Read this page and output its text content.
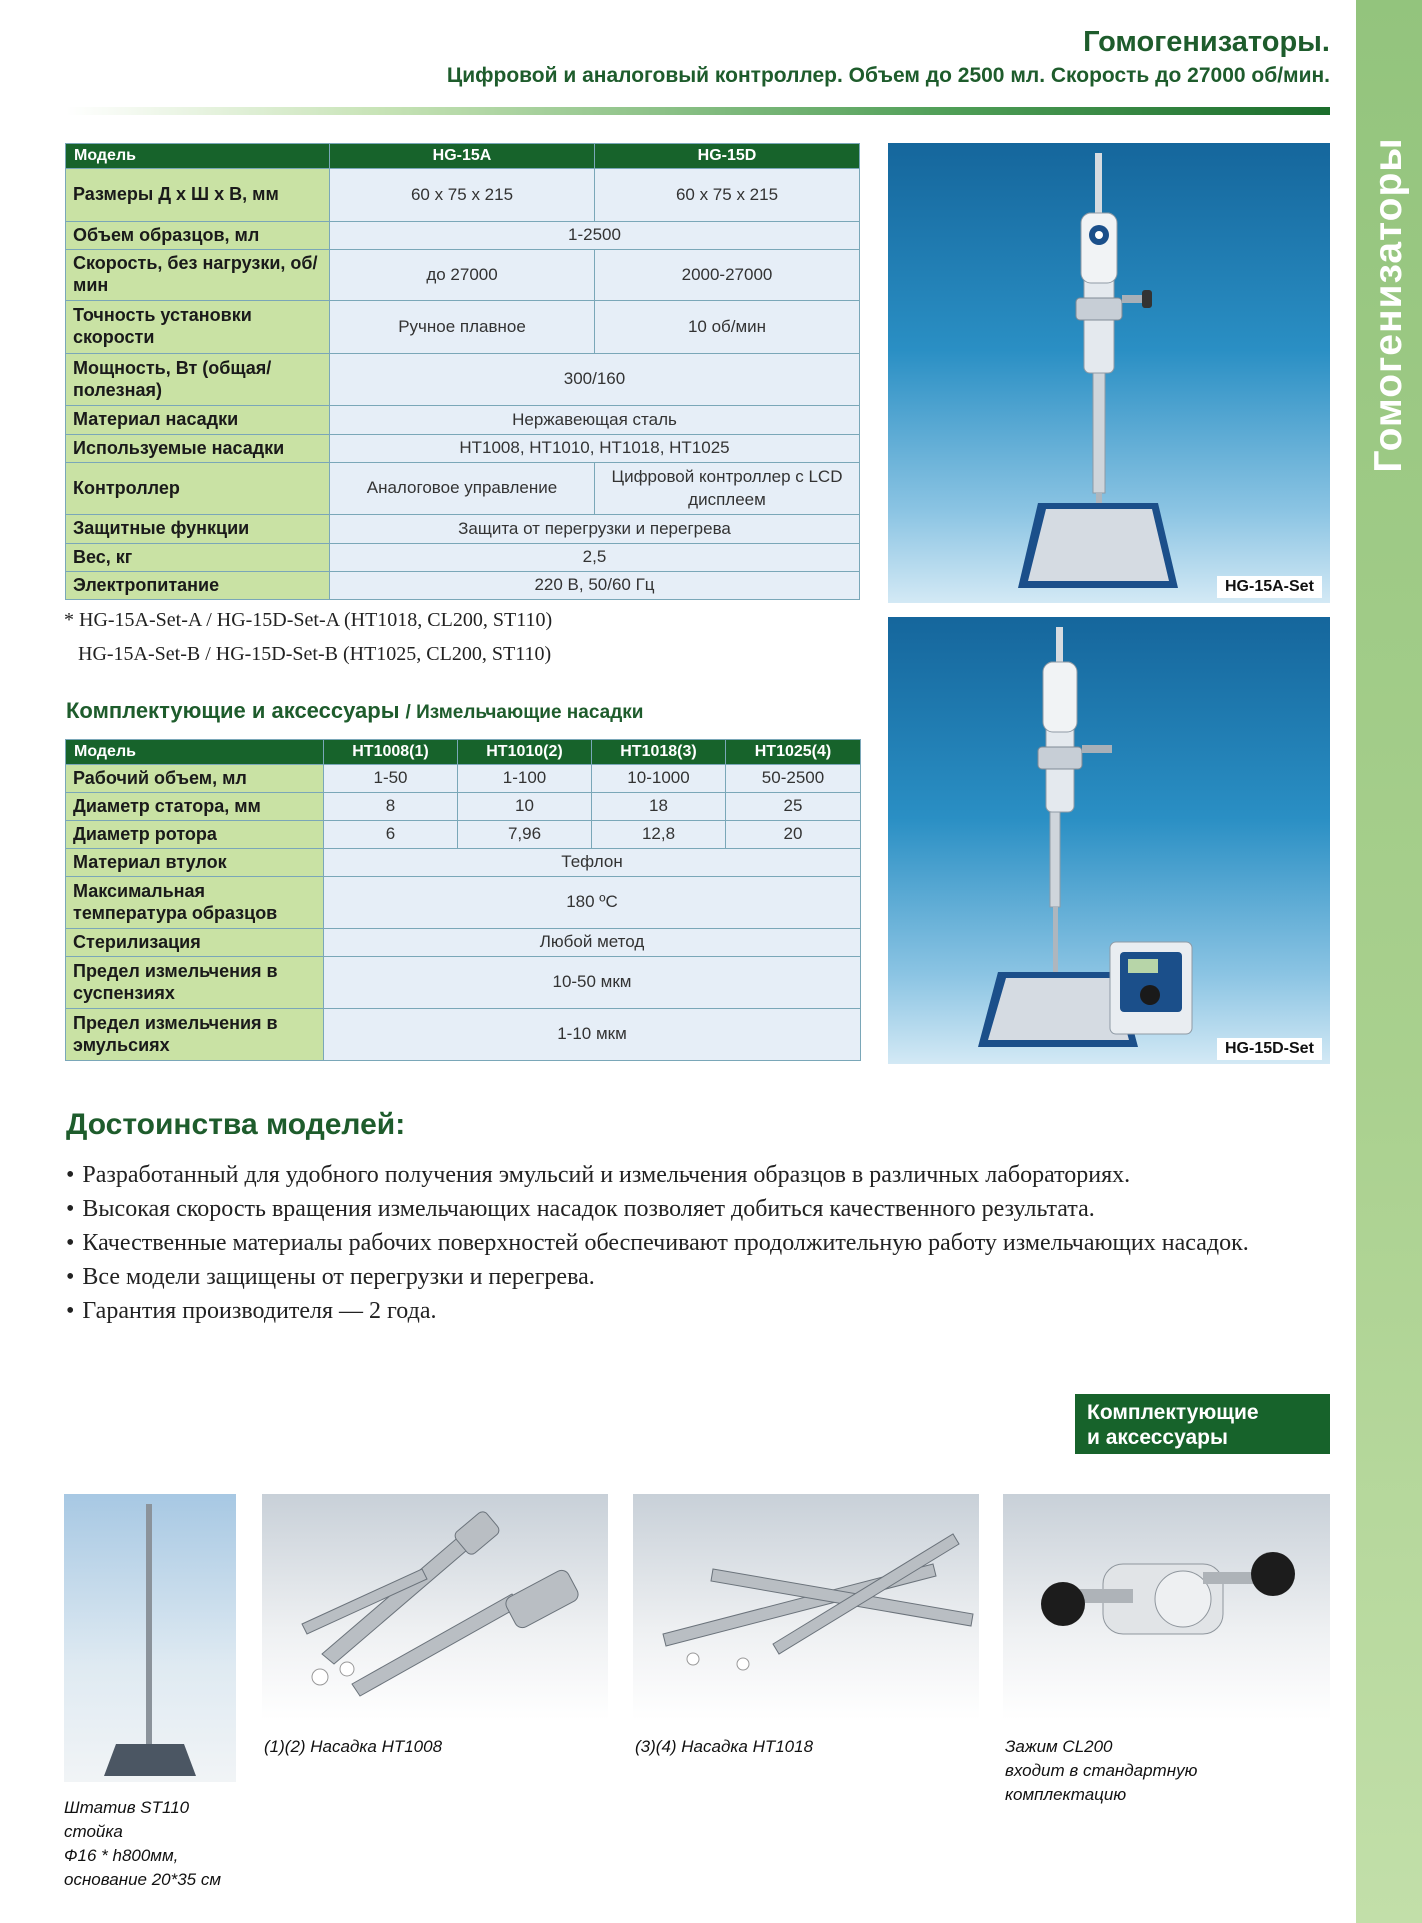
Гомогенизаторы
Гомогенизаторы.
Цифровой и аналоговый контроллер. Объем до 2500 мл. Скорость до 27000 об/мин.
Модель	HG-15A	HG-15D
Размеры Д х Ш х В, мм	60 х 75 х 215	60 х 75 х 215
Объем образцов, мл	1-2500	
Скорость, без нагрузки, об/мин	до 27000	2000-27000
Точность установки скорости	Ручное плавное	10 об/мин
Мощность, Вт (общая/полезная)	300/160	
Материал насадки	Нержавеющая сталь	
Используемые насадки	HT1008, HT1010, HT1018, HT1025	
Контроллер	Аналоговое управление	Цифровой контроллер с LCD дисплеем
Защитные функции	Защита от перегрузки и перегрева	
Вес, кг	2,5	
Электропитание	220 В, 50/60 Гц	
* HG-15A-Set-A / HG-15D-Set-A (HT1018, CL200, ST110)
HG-15A-Set-B / HG-15D-Set-B (HT1025, CL200, ST110)
Комплектующие и аксессуары / Измельчающие насадки
Модель	HT1008(1)	HT1010(2)	HT1018(3)	HT1025(4)
Рабочий объем, мл	1-50	1-100	10-1000	50-2500
Диаметр статора, мм	8	10	18	25
Диаметр ротора	6	7,96	12,8	20
Материал втулок	Тефлон			
Максимальная температура образцов	180 ºC			
Стерилизация	Любой метод			
Предел измельчения в суспензиях	10-50 мкм			
Предел измельчения в эмульсиях	1-10 мкм			
HG-15A-Set
HG-15D-Set
Достоинства моделей:
• Разработанный для удобного получения эмульсий и измельчения образцов в различных лабораториях.
• Высокая скорость вращения измельчающих насадок позволяет добиться качественного результата.
• Качественные материалы рабочих поверхностей обеспечивают продолжительную работу измельчающих насадок.
• Все модели защищены от перегрузки и перегрева.
• Гарантия производителя — 2 года.
Комплектующие
и аксессуары
Штатив ST110
стойка
Ф16 * h800мм,
основание 20*35 см
(1)(2) Насадка HT1008	(3)(4) Насадка HT1018	Зажим CL200
входит в стандартную
комплектацию
